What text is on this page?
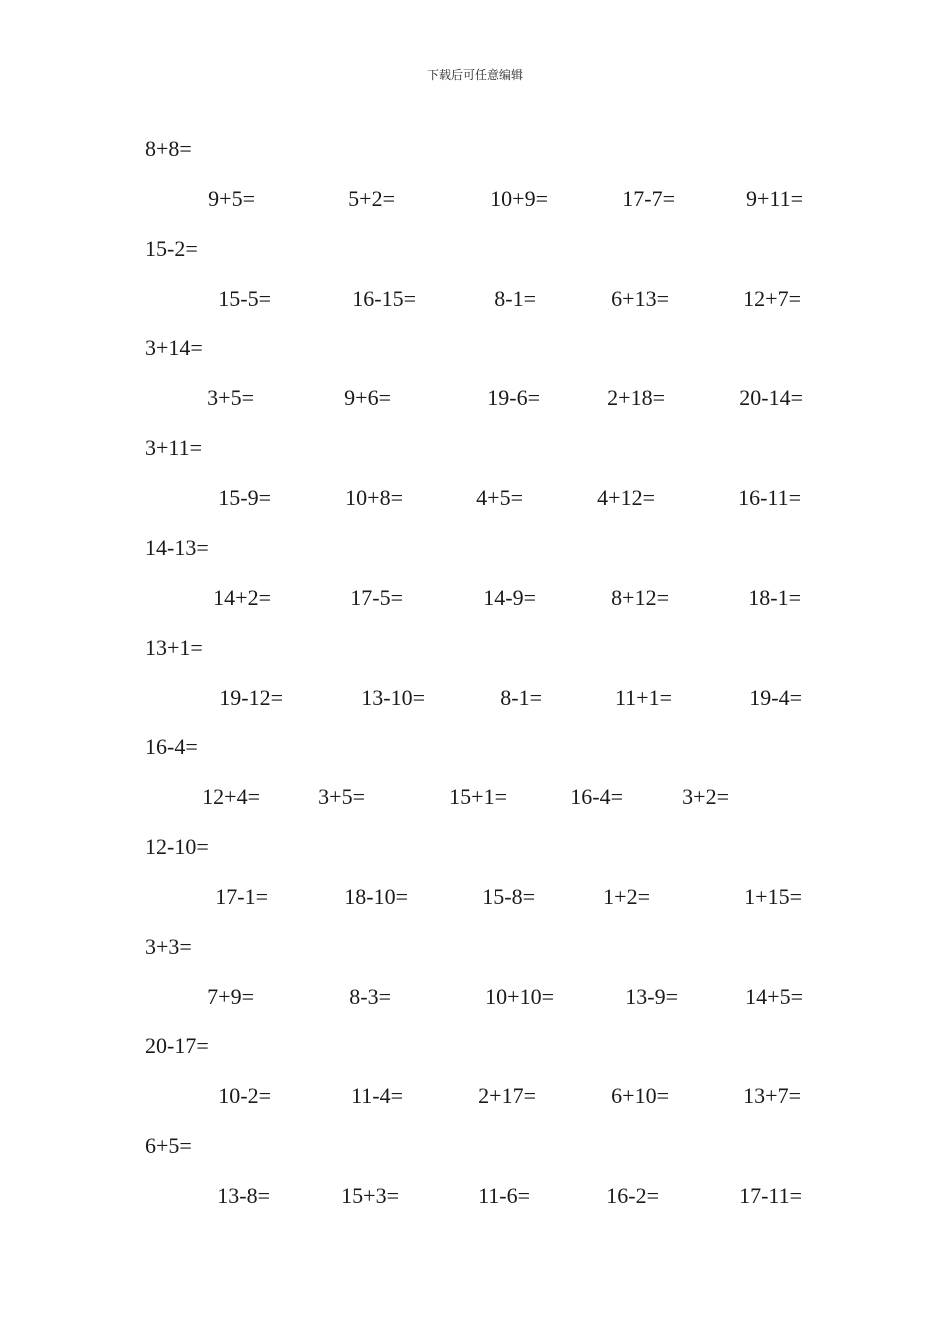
下载后可任意编辑
8+8=
9+5=	5+2=	10+9=	17-7=	9+11=
15-2=
15-5=	16-15=	8-1=	6+13=	12+7=
3+14=
3+5=	9+6=	19-6=	2+18=	20-14=
3+11=
15-9=	10+8=	4+5=	4+12=	16-11=
14-13=
14+2=	17-5=	14-9=	8+12=	18-1=
13+1=
19-12=	13-10=	8-1=	11+1=	19-4=
16-4=
12+4=	3+5=	15+1=	16-4=	3+2=
12-10=
17-1=	18-10=	15-8=	1+2=	1+15=
3+3=
7+9=	8-3=	10+10=	13-9=	14+5=
20-17=
10-2=	11-4=	2+17=	6+10=	13+7=
6+5=
13-8=	15+3=	11-6=	16-2=	17-11=
